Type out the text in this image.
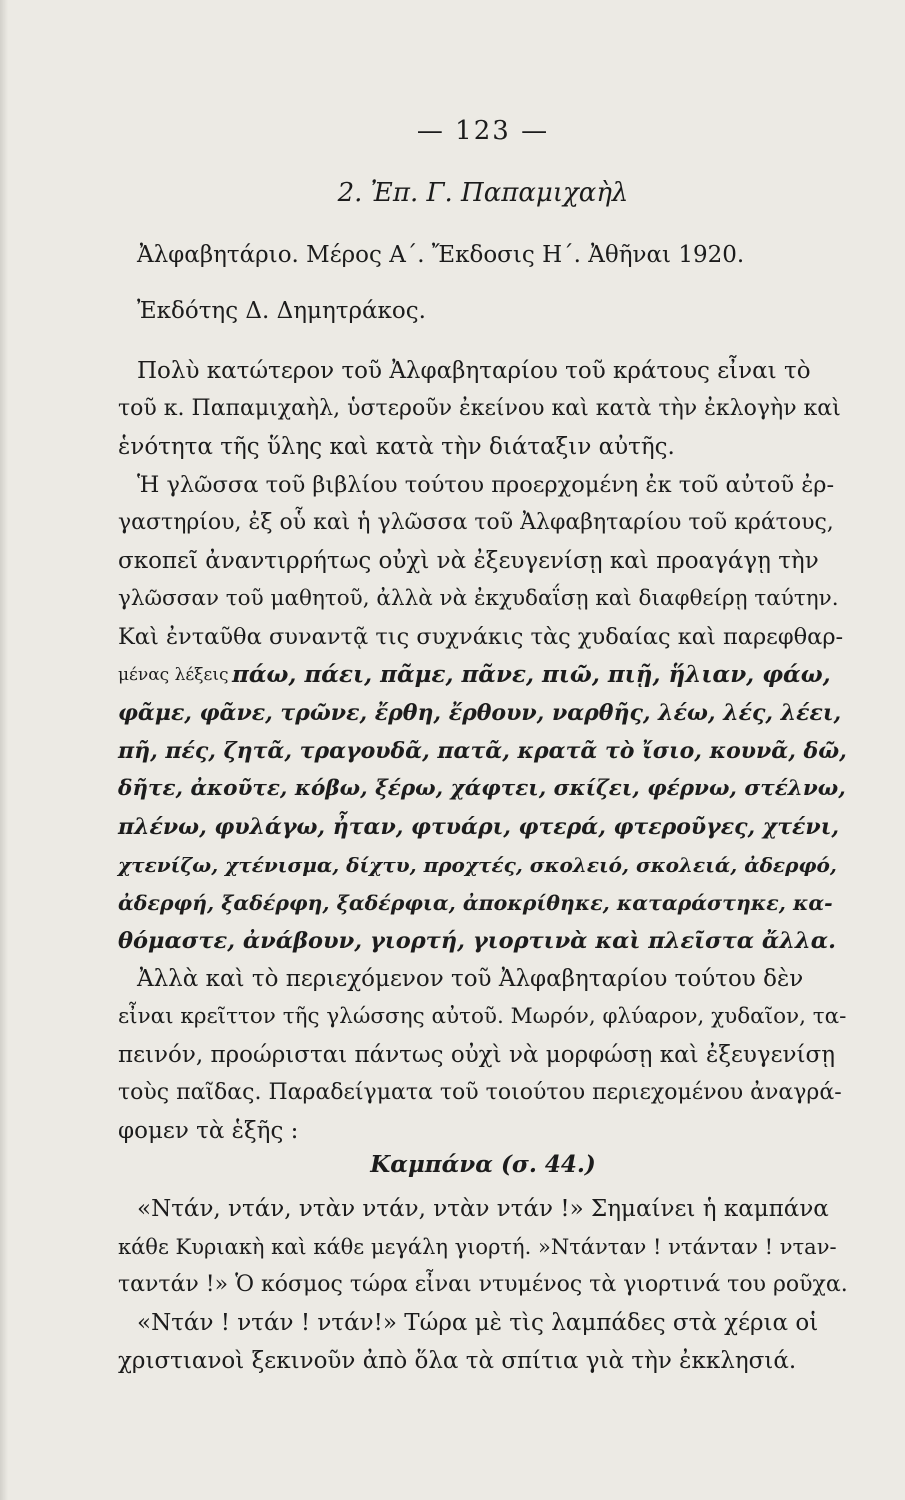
— 123 —
2. Ἐπ. Γ. Παπαμιχαὴλ
Ἀλφαβητάριο. Μέρος Α΄. Ἔκδοσις Η΄. Ἀθῆναι 1920.
Ἐκδότης Δ. Δημητράκος.
Πολὺ κατώτερον τοῦ Ἀλφαβηταρίου τοῦ κράτους εἶναι τὸ
τοῦ κ. Παπαμιχαὴλ, ὑστεροῦν ἐκείνου καὶ κατὰ τὴν ἐκλογὴν καὶ
ἑνότητα τῆς ὕλης καὶ κατὰ τὴν διάταξιν αὐτῆς.
Ἡ γλῶσσα τοῦ βιβλίου τούτου προερχομένη ἐκ τοῦ αὐτοῦ ἐρ-
γαστηρίου, ἐξ οὗ καὶ ἡ γλῶσσα τοῦ Ἀλφαβηταρίου τοῦ κράτους,
σκοπεῖ ἀναντιρρήτως οὐχὶ νὰ ἐξευγενίσῃ καὶ προαγάγῃ τὴν
γλῶσσαν τοῦ μαθητοῦ, ἀλλὰ νὰ ἐκχυδαΐσῃ καὶ διαφθείρῃ ταύτην.
Καὶ ἐνταῦθα συναντᾷ τις συχνάκις τὰς χυδαίας καὶ παρεφθαρ-
μένας λέξεις πάω, πάει, πᾶμε, πᾶνε, πιῶ, πιῇ, ἥλιαν, φάω,
φᾶμε, φᾶνε, τρῶνε, ἔρθη, ἔρθουν, ναρθῆς, λέω, λές, λέει,
πῆ, πές, ζητᾶ, τραγουδᾶ, πατᾶ, κρατᾶ τὸ ἴσιο, κουνᾶ, δῶ,
δῆτε, ἀκοῦτε, κόβω, ξέρω, χάφτει, σκίζει, φέρνω, στέλνω,
πλένω, φυλάγω, ἦταν, φτυάρι, φτερά, φτεροῦγες, χτένι,
χτενίζω, χτένισμα, δίχτυ, προχτές, σκολειό, σκολειά, ἀδερφό,
ἀδερφή, ξαδέρφη, ξαδέρφια, ἀποκρίθηκε, καταράστηκε, κα-
θόμαστε, ἀνάβουν, γιορτή, γιορτινὰ καὶ πλεῖστα ἄλλα.
Ἀλλὰ καὶ τὸ περιεχόμενον τοῦ Ἀλφαβηταρίου τούτου δὲν
εἶναι κρεῖττον τῆς γλώσσης αὐτοῦ. Μωρόν, φλύαρον, χυδαῖον, τα-
πεινόν, προώρισται πάντως οὐχὶ νὰ μορφώσῃ καὶ ἐξευγενίσῃ
τοὺς παῖδας. Παραδείγματα τοῦ τοιούτου περιεχομένου ἀναγρά-
φομεν τὰ ἑξῆς :
Καμπάνα (σ. 44.)
«Ντάν, ντάν, ντὰν ντάν, ντὰν ντάν !» Σημαίνει ἡ καμπάνα
κάθε Κυριακὴ καὶ κάθε μεγάλη γιορτή. »Ντάνταν ! ντάνταν ! ντaν-
ταντάν !» Ὁ κόσμος τώρα εἶναι ντυμένος τὰ γιορτινά του ροῦχα.
«Ντάν ! ντάν ! ντάν!» Τώρα μὲ τὶς λαμπάδες στὰ χέρια οἱ
χριστιανοὶ ξεκινοῦν ἀπὸ ὅλα τὰ σπίτια γιὰ τὴν ἐκκλησιά.
